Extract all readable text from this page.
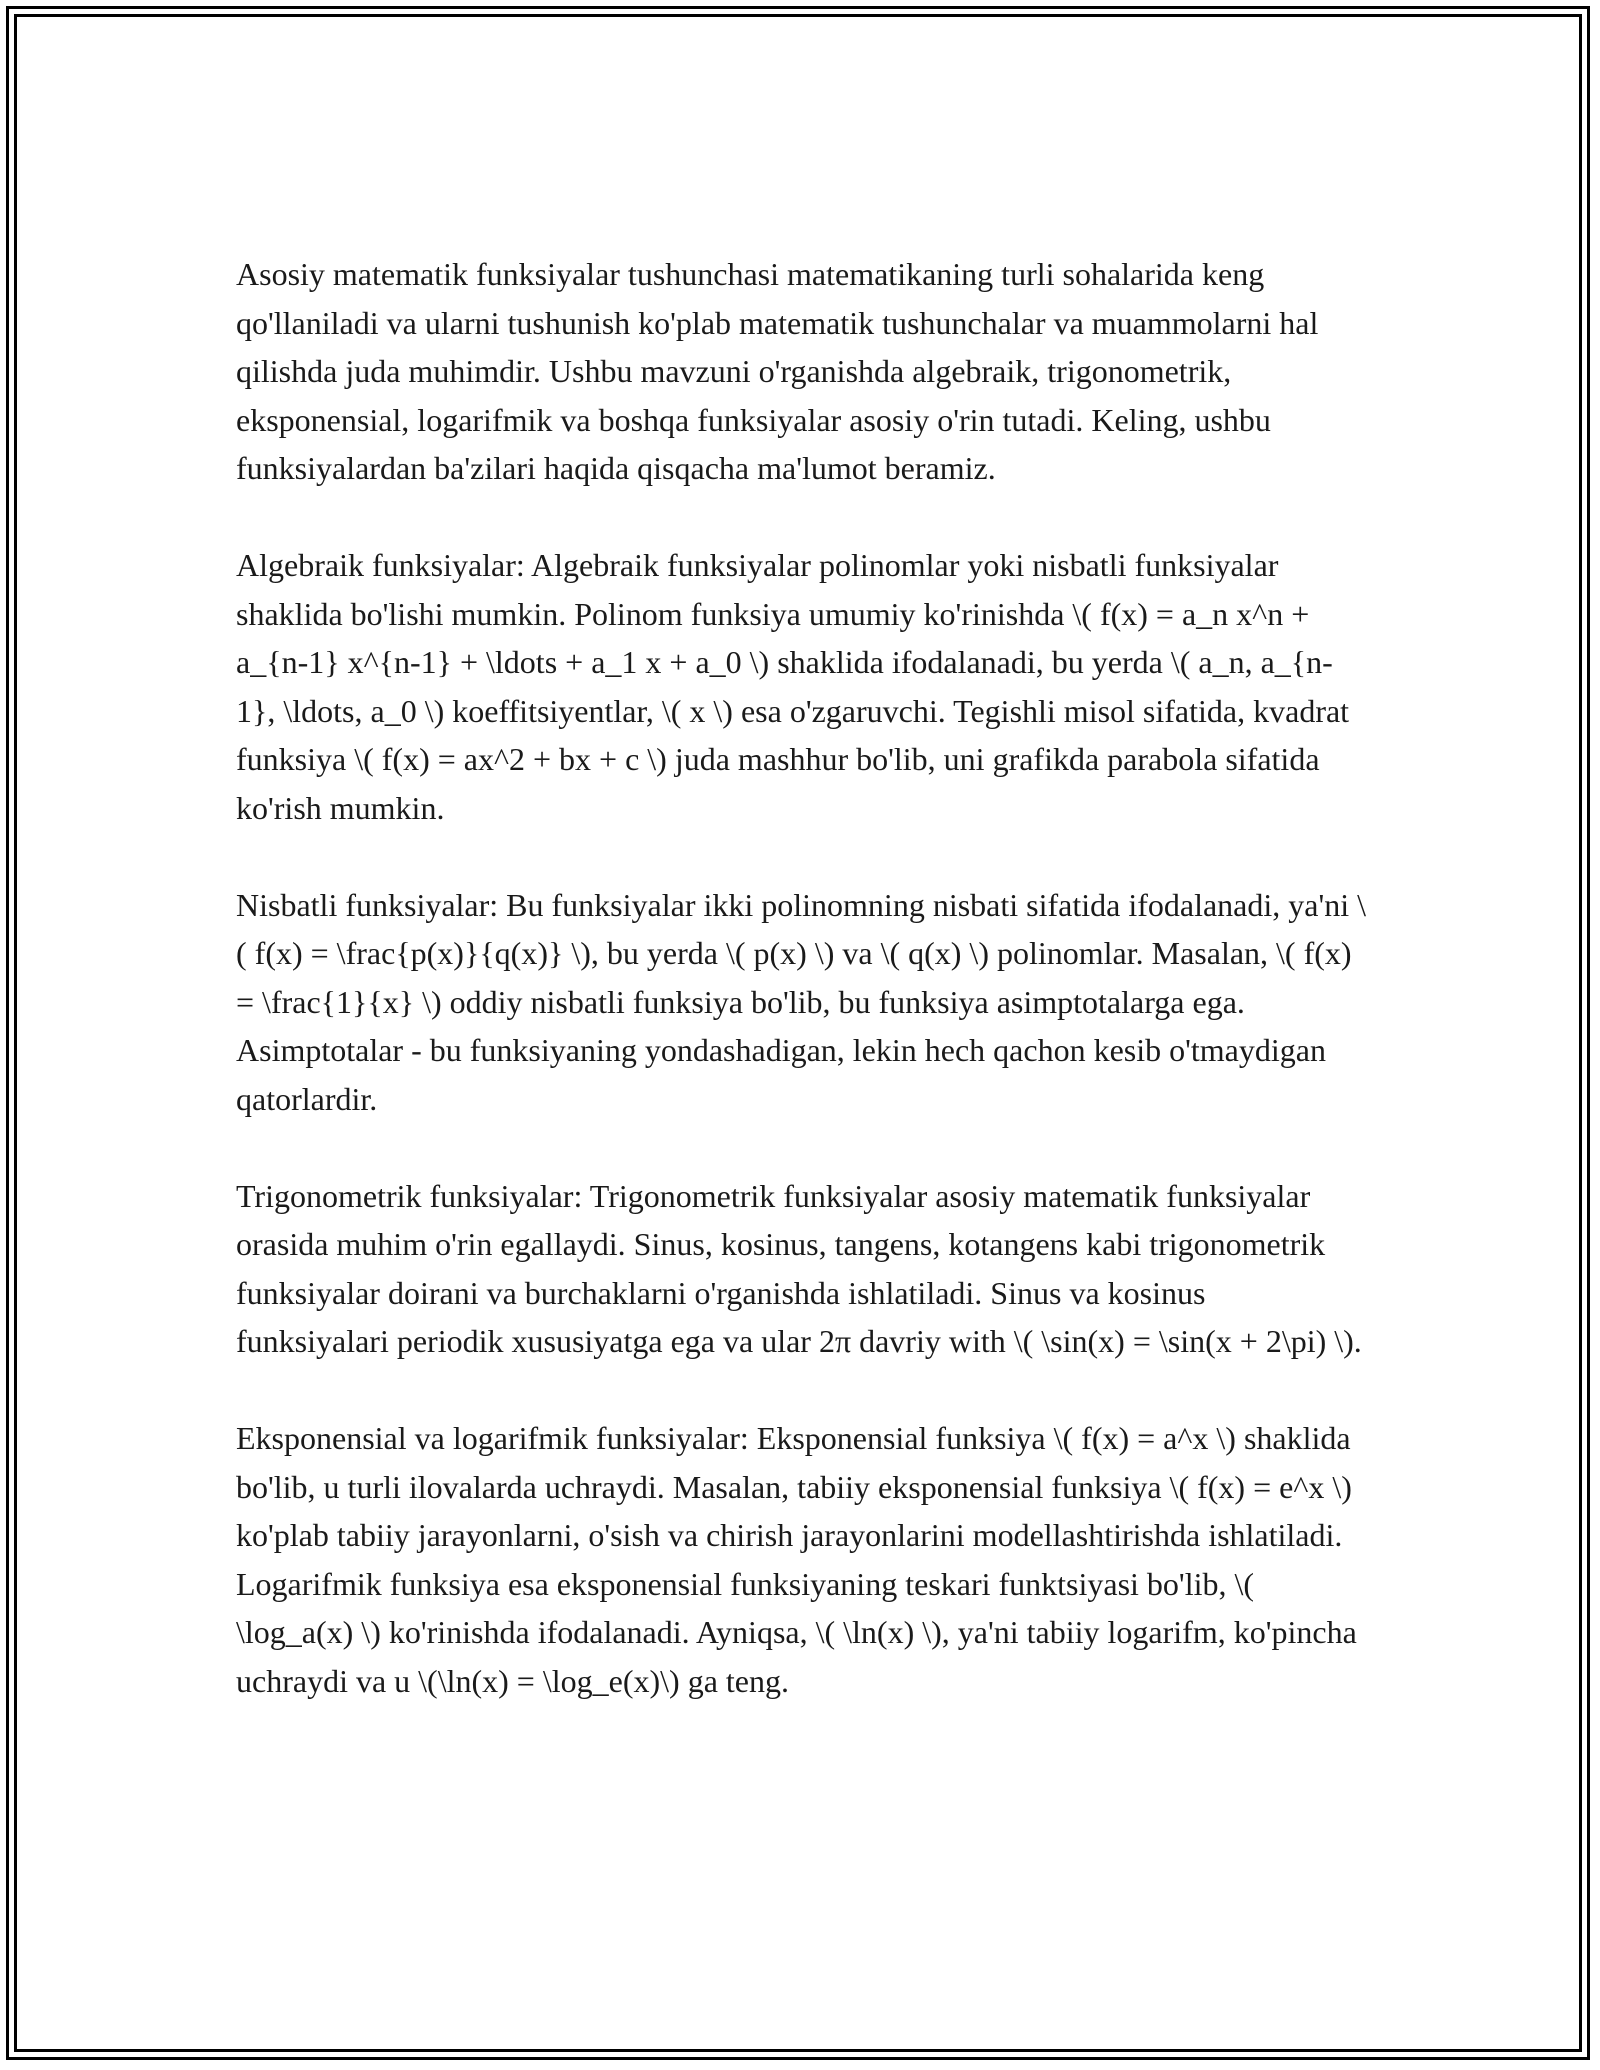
Asosiy matematik funksiyalar tushunchasi matematikaning turli sohalarida keng qo'llaniladi va ularni tushunish ko'plab matematik tushunchalar va muammolarni hal qilishda juda muhimdir. Ushbu mavzuni o'rganishda algebraik, trigonometrik, eksponensial, logarifmik va boshqa funksiyalar asosiy o'rin tutadi. Keling, ushbu funksiyalardan ba'zilari haqida qisqacha ma'lumot beramiz.

Algebraik funksiyalar: Algebraik funksiyalar polinomlar yoki nisbatli funksiyalar shaklida bo'lishi mumkin. Polinom funksiya umumiy ko'rinishda \( f(x) = a_n x^n + a_{n-1} x^{n-1} + \ldots + a_1 x + a_0 \) shaklida ifodalanadi, bu yerda \( a_n, a_{n-1}, \ldots, a_0 \) koeffitsiyentlar, \( x \) esa o'zgaruvchi. Tegishli misol sifatida, kvadrat funksiya \( f(x) = ax^2 + bx + c \) juda mashhur bo'lib, uni grafikda parabola sifatida ko'rish mumkin.

Nisbatli funksiyalar: Bu funksiyalar ikki polinomning nisbati sifatida ifodalanadi, ya'ni \( f(x) = \frac{p(x)}{q(x)} \), bu yerda \( p(x) \) va \( q(x) \) polinomlar. Masalan, \( f(x) = \frac{1}{x} \) oddiy nisbatli funksiya bo'lib, bu funksiya asimptotalarga ega. Asimptotalar - bu funksiyaning yondashadigan, lekin hech qachon kesib o'tmaydigan qatorlardir.

Trigonometrik funksiyalar: Trigonometrik funksiyalar asosiy matematik funksiyalar orasida muhim o'rin egallaydi. Sinus, kosinus, tangens, kotangens kabi trigonometrik funksiyalar doirani va burchaklarni o'rganishda ishlatiladi. Sinus va kosinus funksiyalari periodik xususiyatga ega va ular 2π davriy with \( \sin(x) = \sin(x + 2\pi) \).

Eksponensial va logarifmik funksiyalar: Eksponensial funksiya \( f(x) = a^x \) shaklida bo'lib, u turli ilovalarda uchraydi. Masalan, tabiiy eksponensial funksiya \( f(x) = e^x \) ko'plab tabiiy jarayonlarni, o'sish va chirish jarayonlarini modellashtirishda ishlatiladi. Logarifmik funksiya esa eksponensial funksiyaning teskari funktsiyasi bo'lib, \( \log_a(x) \) ko'rinishda ifodalanadi. Ayniqsa, \( \ln(x) \), ya'ni tabiiy logarifm, ko'pincha uchraydi va u \(\ln(x) = \log_e(x)\) ga teng.
